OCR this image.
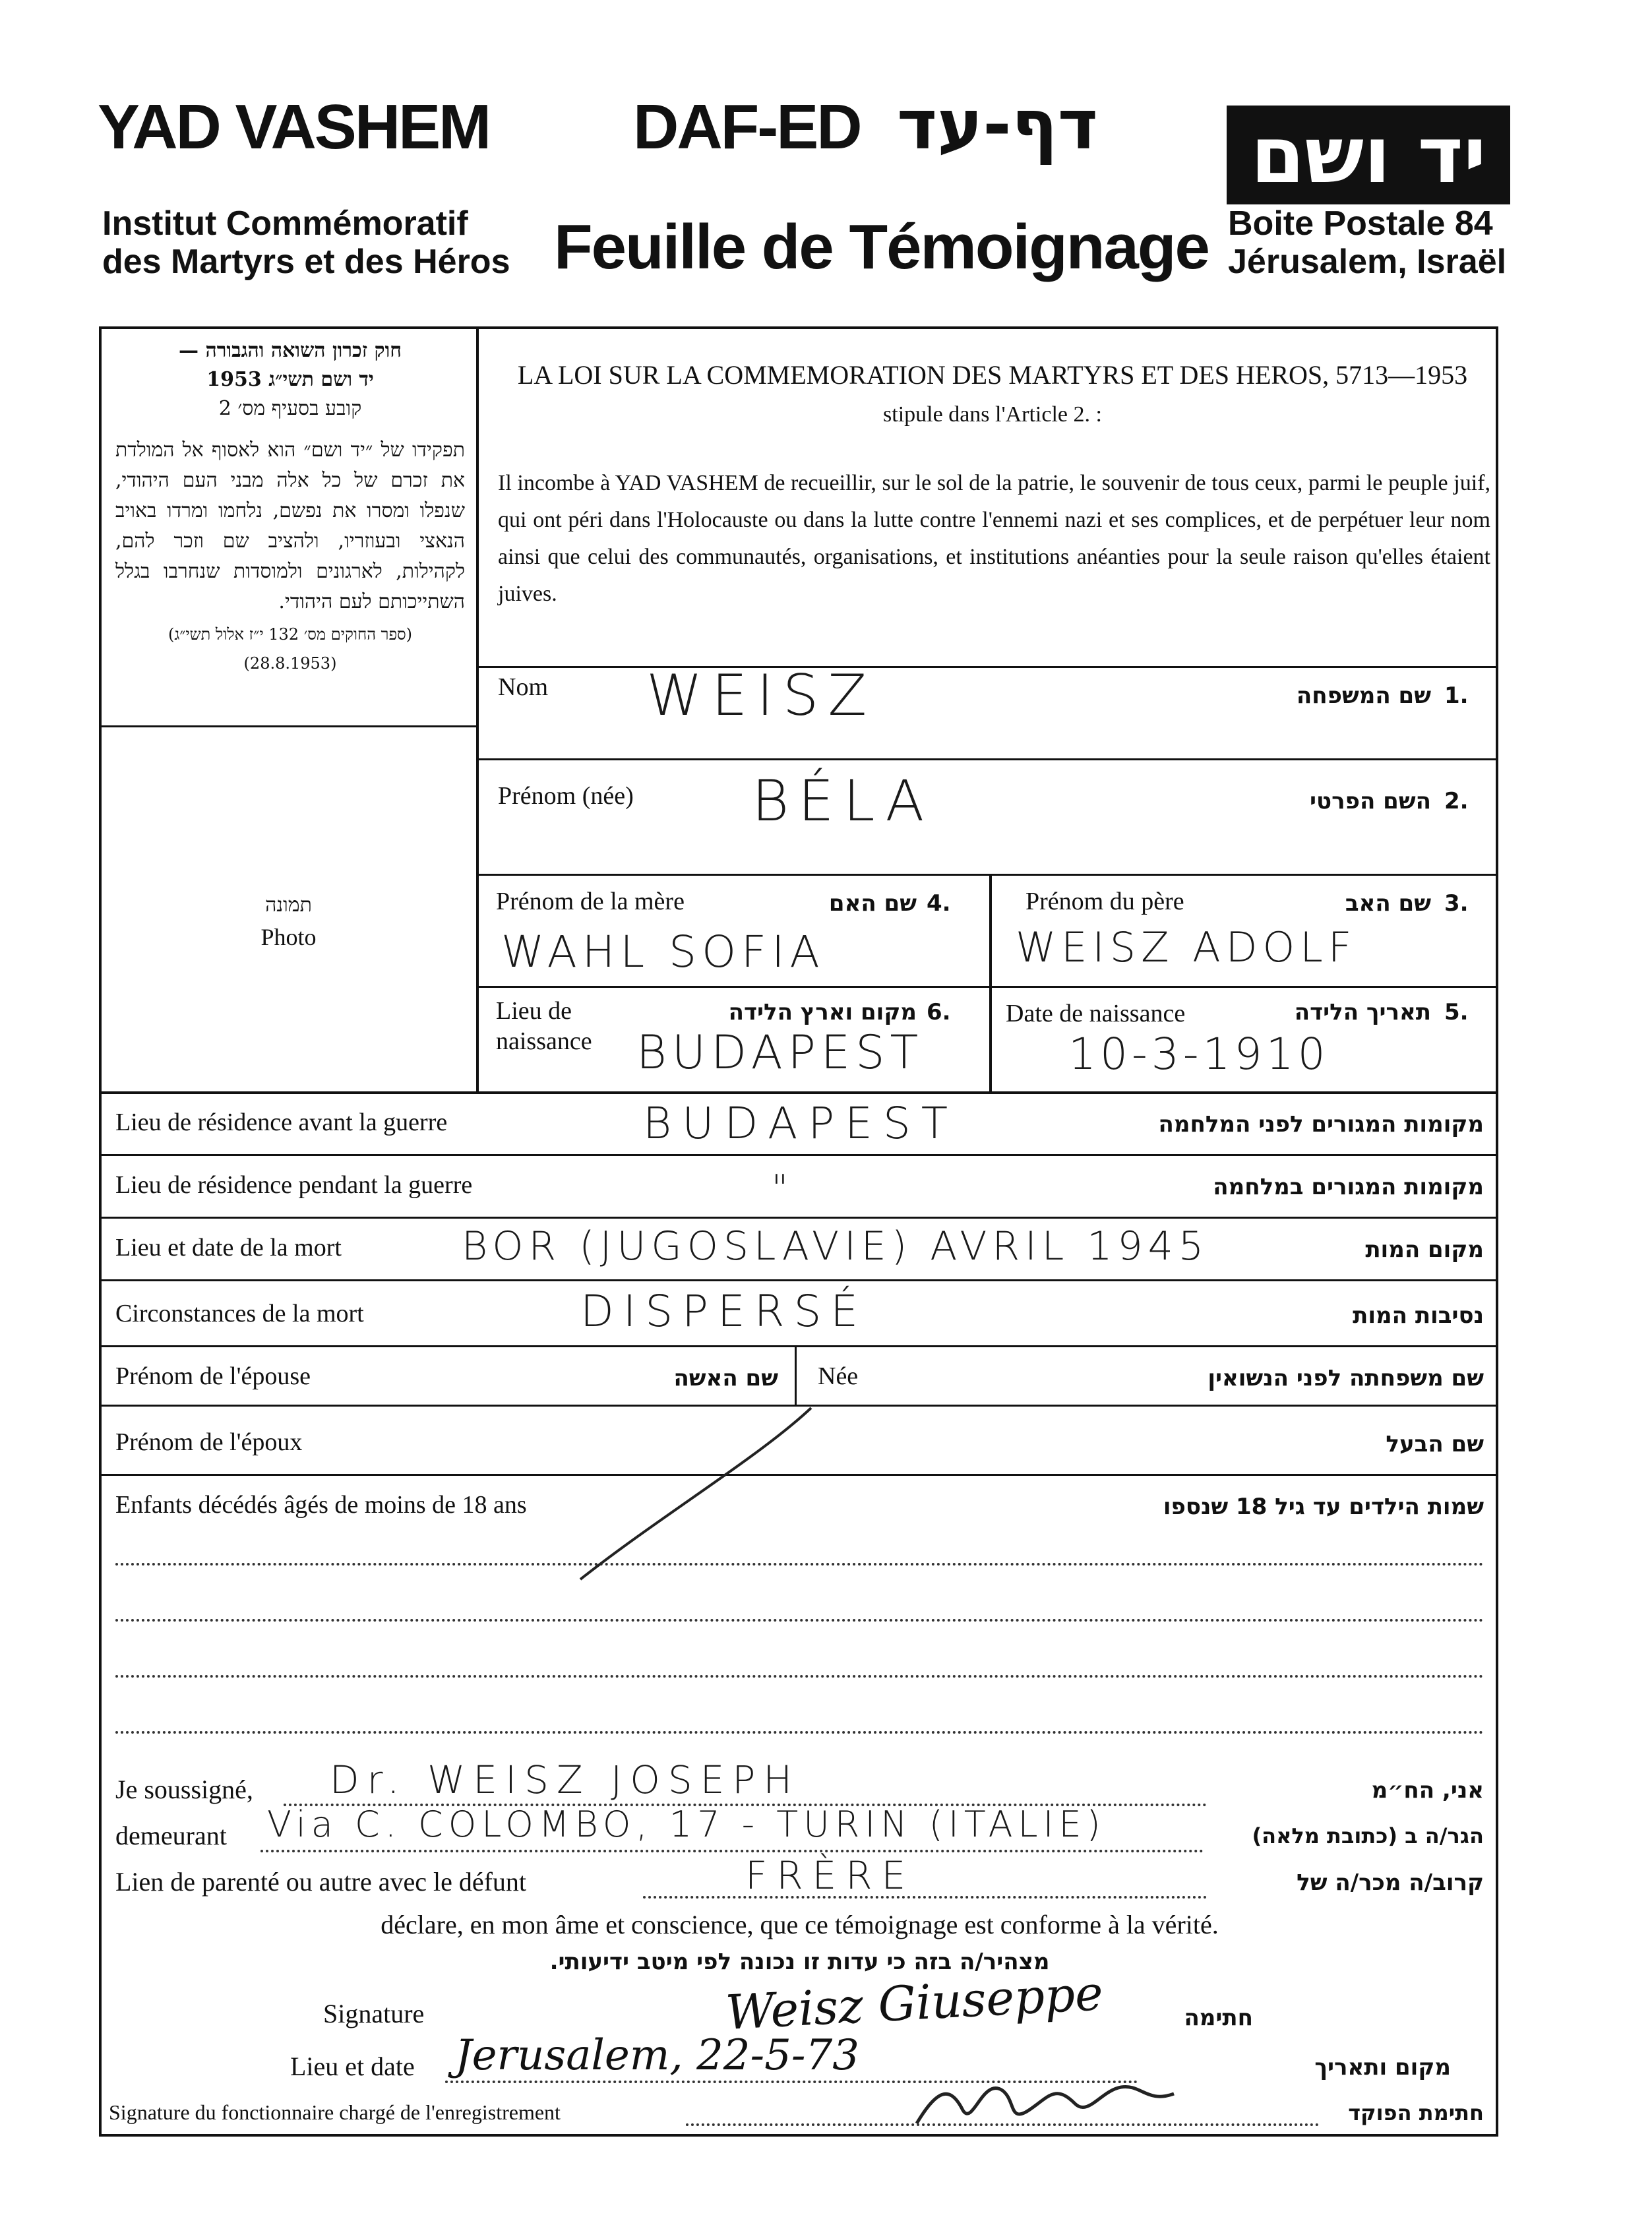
YAD VASHEM DAF-ED דף-עד	יד ושם
Institut Commémoratif
des Martyrs et des Héros Feuille de Témoignage Boite Postale 84
Jérusalem, Israël
חוק זכרון השואה והגבורה —
יד ושם תשי״ג 1953
קובע בסעיף מס׳ 2
תפקידו של ״יד ושם״ הוא לאסוף אל המולדת את זכרם של כל אלה מבני העם היהודי, שנפלו ומסרו את נפשם, נלחמו ומרדו באויב הנאצי ובעוזריו, ולהציב שם וזכר להם, לקהילות, לארגונים ולמוסדות שנחרבו בגלל השתייכותם לעם היהודי.
(ספר החוקים מס׳ 132 י״ז אלול תשי״ג)
(28.8.1953)
LA LOI SUR LA COMMEMORATION DES MARTYRS ET DES HEROS, 5713—1953
stipule dans l'Article 2. :
Il incombe à YAD VASHEM de recueillir, sur le sol de la patrie, le souvenir de tous ceux, parmi le peuple juif, qui ont péri dans l'Holocauste ou dans la lutte contre l'ennemi nazi et ses complices, et de perpétuer leur nom ainsi que celui des communautés, organisations, et institutions anéanties pour la seule raison qu'elles étaient juives.
תמונה
Photo
Nom WEISZ	שם המשפחה 1.
Prénom (née) BÉLA	השם הפרטי 2.
Prénom de la mère	שם האם 4.
WAHL SOFIA
Prénom du père	שם האב 3.
WEISZ ADOLF
Lieu de
naissance
מקום וארץ הלידה 6.
BUDAPEST
Date de naissance	תאריך הלידה 5.
10-3-1910
Lieu de résidence avant la guerre	BUDAPEST	מקומות המגורים לפני המלחמה
Lieu de résidence pendant la guerre	"	מקומות המגורים במלחמה
Lieu et date de la mort	BOR (JUGOSLAVIE) AVRIL 1945	מקום המות
Circonstances de la mort	DISPERSÉ	נסיבות המות
Prénom de l'épouse	שם האשה Née	שם משפחתה לפני הנשואין
Prénom de l'époux	שם הבעל
Enfants décédés âgés de moins de 18 ans	שמות הילדים עד גיל 18 שנספו
Je soussigné, Dr. WEISZ JOSEPH	אני, הח״מ
demeurant Via C. COLOMBO, 17 - TURIN (ITALIE)	הגר/ה ב (כתובת מלאה)
Lien de parenté ou autre avec le défunt	FRÈRE	קרוב/ה מכר/ה של
déclare, en mon âme et conscience, que ce témoignage est conforme à la vérité.
מצהיר/ה בזה כי עדות זו נכונה לפי מיטב ידיעותי.
Signature	Weisz Giuseppe	חתימה
Lieu et date Jerusalem, 22-5-73	מקום ותאריך
Signature du fonctionnaire chargé de l'enregistrement	חתימת הפוקד
